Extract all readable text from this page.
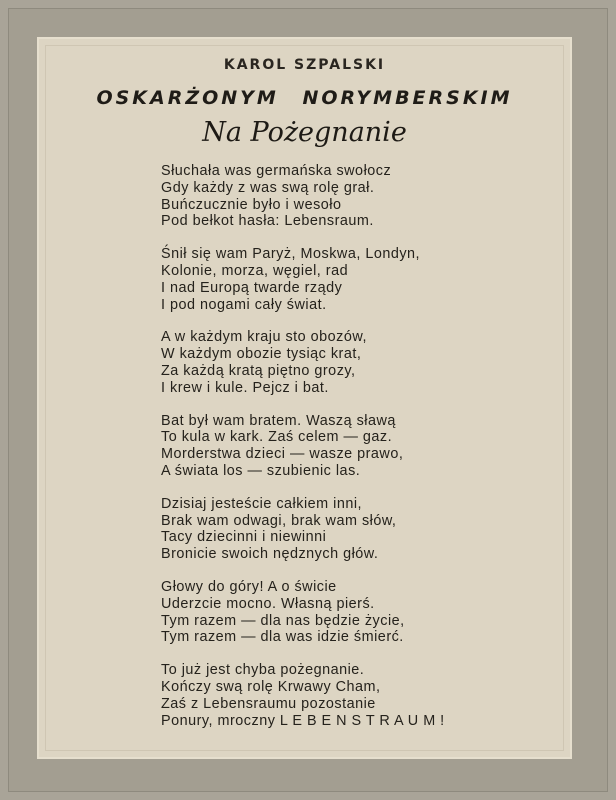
KAROL SZPALSKI
OSKARŻONYM NORYMBERSKIM
Na Pożegnanie
Słuchała was germańska swołocz
Gdy każdy z was swą rolę grał.
Buńczucznie było i wesoło
Pod bełkot hasła: Lebensraum.
Śnił się wam Paryż, Moskwa, Londyn,
Kolonie, morza, węgiel, rad
I nad Europą twarde rządy
I pod nogami cały świat.
A w każdym kraju sto obozów,
W każdym obozie tysiąc krat,
Za każdą kratą piętno grozy,
I krew i kule. Pejcz i bat.
Bat był wam bratem. Waszą sławą
To kula w kark. Zaś celem — gaz.
Morderstwa dzieci — wasze prawo,
A świata los — szubienic las.
Dzisiaj jesteście całkiem inni,
Brak wam odwagi, brak wam słów,
Tacy dziecinni i niewinni
Bronicie swoich nędznych głów.
Głowy do góry! A o świcie
Uderzcie mocno. Własną pierś.
Tym razem — dla nas będzie życie,
Tym razem — dla was idzie śmierć.
To już jest chyba pożegnanie.
Kończy swą rolę Krwawy Cham,
Zaś z Lebensraumu pozostanie
Ponury, mroczny L E B E N S T R A U M !
